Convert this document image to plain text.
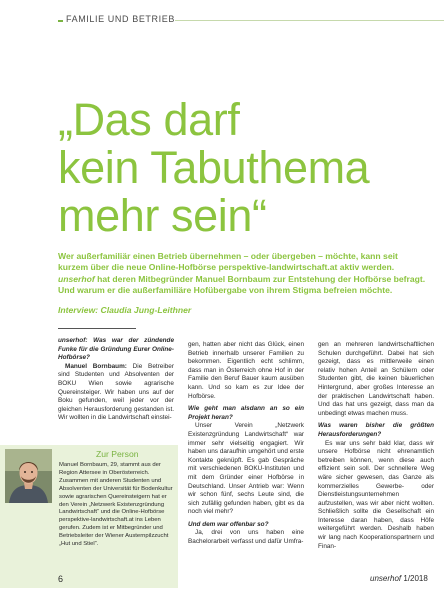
FAMILIE UND BETRIEB
„Das darf
kein Tabuthema
mehr sein“
Wer außerfamiliär einen Betrieb übernehmen – oder übergeben – möchte, kann seit kurzem über die neue Online-Hofbörse perspektive-landwirtschaft.at aktiv werden. unserhof hat deren Mitbegründer Manuel Bornbaum zur Entstehung der Hofbörse befragt. Und warum er die außerfamiliäre Hofübergabe von ihrem Stigma befreien möchte.
Interview: Claudia Jung-Leithner

unserhof: Was war der zündende Funke für die Gründung Eurer Online-Hofbörse?

Manuel Bornbaum: Die Betreiber sind Studenten und Absolventen der BOKU Wien sowie agrarische Quereinsteiger. Wir haben uns auf der Boku gefunden, weil jeder vor der gleichen Herausforderung gestanden ist. Wir wollten in die Landwirtschaft einstei-

gen, hatten aber nicht das Glück, einen Betrieb innerhalb unserer Familien zu bekommen. Eigentlich echt schlimm, dass man in Österreich ohne Hof in der Familie den Beruf Bauer kaum ausüben kann. Und so kam es zur Idee der Hofbörse.

Wie geht man alsdann an so ein Projekt heran?

Unser Verein „Netzwerk Existenzgründung Landwirtschaft“ war immer sehr vielseitig engagiert. Wir haben uns daraufhin umgehört und erste Kontakte geknüpft. Es gab Gespräche mit verschiedenen BOKU-Instituten und mit dem Gründer einer Hofbörse in Deutschland. Unser Antrieb war: Wenn wir schon fünf, sechs Leute sind, die sich zufällig gefunden haben, gibt es da noch viel mehr?

Und dem war offenbar so?

Ja, drei von uns haben eine Bachelorarbeit verfasst und dafür Umfra-

gen an mehreren landwirtschaftlichen Schulen durchgeführt. Dabei hat sich gezeigt, dass es mittlerweile einen relativ hohen Anteil an Schülern oder Studenten gibt, die keinen bäuerlichen Hintergrund, aber großes Interesse an der praktischen Landwirtschaft haben. Und das hat uns gezeigt, dass man da unbedingt etwas machen muss.

Was waren bisher die größten Herausforderungen?

Es war uns sehr bald klar, dass wir unsere Hofbörse nicht ehrenamtlich betreiben können, wenn diese auch effizient sein soll. Der schnellere Weg wäre sicher gewesen, das Ganze als kommerzielles Gewerbe- oder Dienstleistungsunternehmen aufzustellen, was wir aber nicht wollten. Schließlich sollte die Gesellschaft ein Interesse daran haben, dass Höfe weitergeführt werden. Deshalb haben wir lang nach Kooperationspartnern und Finan-

Zur Person
Manuel Bornbaum, 29, stammt aus der Region Attersee in Oberösterreich. Zusammen mit anderen Studenten und Absolventen der Universität für Bodenkultur sowie agrarischen Quereinsteigern hat er den Verein „Netzwerk Existenzgründung Landwirtschaft“ und die Online-Hofbörse perspektive-landwirtschaft.at ins Leben gerufen. Zudem ist er Mitbegründer und Betriebsleiter der Wiener Austernpilzzucht „Hut und Stiel“.
6	unserhof 1/2018
